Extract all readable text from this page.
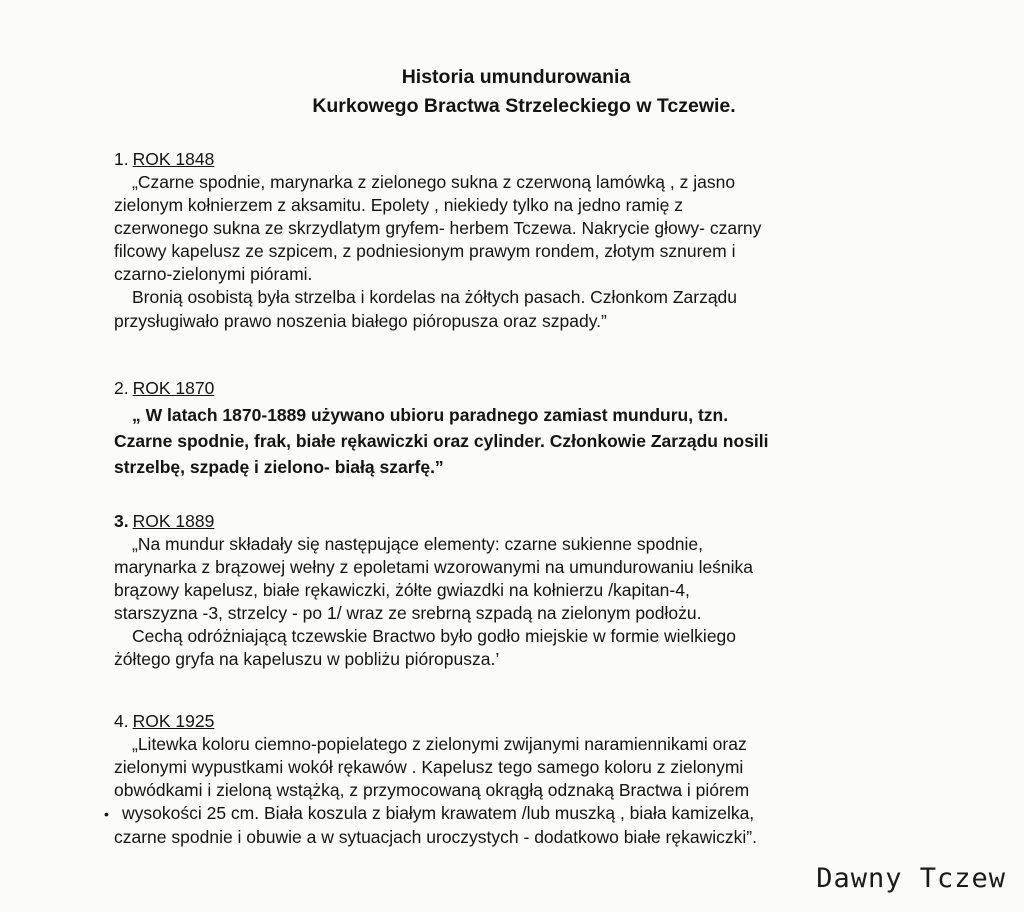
Historia umundurowania
Kurkowego Bractwa Strzeleckiego w Tczewie.
1. ROK 1848
„Czarne spodnie, marynarka z zielonego sukna z czerwoną lamówką , z jasno
zielonym kołnierzem z aksamitu. Epolety , niekiedy tylko na jedno ramię z
czerwonego sukna ze skrzydlatym gryfem- herbem Tczewa. Nakrycie głowy- czarny
filcowy kapelusz ze szpicem, z podniesionym prawym rondem, złotym sznurem i
czarno-zielonymi piórami.
Bronią osobistą była strzelba i kordelas na żółtych pasach. Członkom Zarządu
przysługiwało prawo noszenia białego pióropusza oraz szpady.”
2. ROK 1870
„ W latach 1870-1889 używano ubioru paradnego zamiast munduru, tzn.
Czarne spodnie, frak, białe rękawiczki oraz cylinder. Członkowie Zarządu nosili
strzelbę, szpadę i zielono- białą szarfę.”
3. ROK 1889
„Na mundur składały się następujące elementy: czarne sukienne spodnie,
marynarka z brązowej wełny z epoletami wzorowanymi na umundurowaniu leśnika
brązowy kapelusz, białe rękawiczki, żółte gwiazdki na kołnierzu /kapitan-4,
starszyzna -3, strzelcy - po 1/ wraz ze srebrną szpadą na zielonym podłożu.
Cechą odróżniającą tczewskie Bractwo było godło miejskie w formie wielkiego
żółtego gryfa na kapeluszu w pobliżu pióropusza.’
4. ROK 1925
„Litewka koloru ciemno-popielatego z zielonymi zwijanymi naramiennikami oraz
zielonymi wypustkami wokół rękawów . Kapelusz tego samego koloru z zielonymi
obwódkami i zieloną wstążką, z przymocowaną okrągłą odznaką Bractwa i piórem
• wysokości 25 cm. Biała koszula z białym krawatem /lub muszką , biała kamizelka,
czarne spodnie i obuwie a w sytuacjach uroczystych - dodatkowo białe rękawiczki”.
Dawny Tczew
